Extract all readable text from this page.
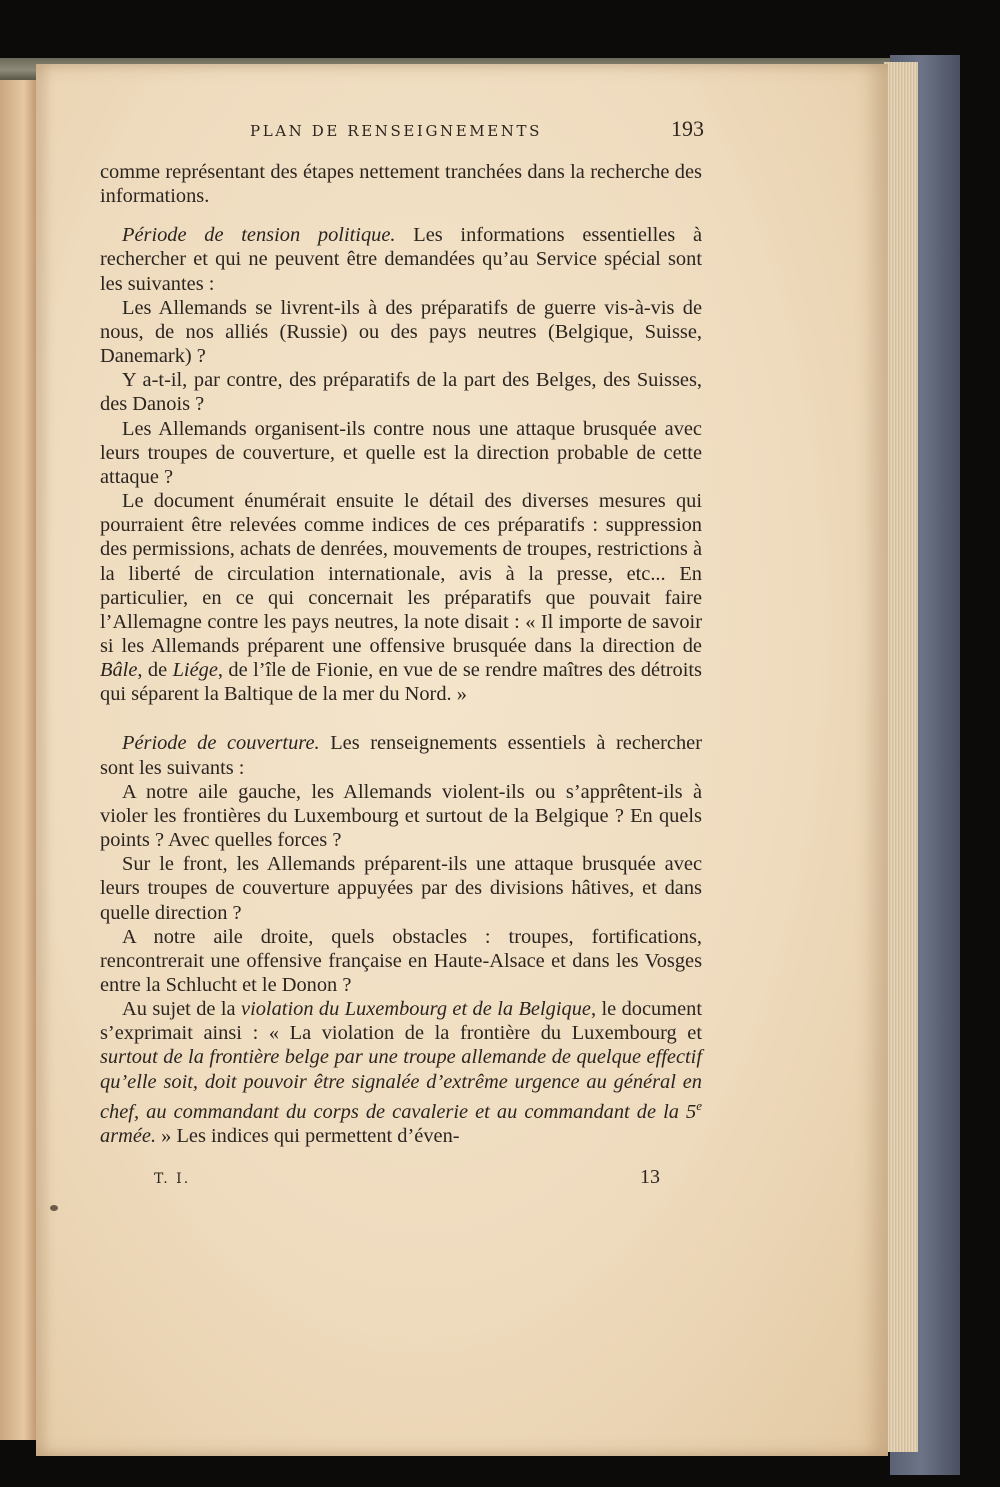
PLAN DE RENSEIGNEMENTS	193

comme représentant des étapes nettement tranchées dans la recherche des informations.

Période de tension politique. Les informations essentielles à rechercher et qui ne peuvent être demandées qu’au Service spécial sont les suivantes :

Les Allemands se livrent-ils à des préparatifs de guerre vis-à-vis de nous, de nos alliés (Russie) ou des pays neutres (Belgique, Suisse, Danemark) ?

Y a-t-il, par contre, des préparatifs de la part des Belges, des Suisses, des Danois ?

Les Allemands organisent-ils contre nous une attaque brusquée avec leurs troupes de couverture, et quelle est la direction probable de cette attaque ?

Le document énumérait ensuite le détail des diverses mesures qui pourraient être relevées comme indices de ces préparatifs : suppression des permissions, achats de denrées, mouvements de troupes, restrictions à la liberté de circulation internationale, avis à la presse, etc... En particulier, en ce qui concernait les préparatifs que pouvait faire l’Allemagne contre les pays neutres, la note disait : « Il importe de savoir si les Allemands préparent une offensive brusquée dans la direction de Bâle, de Liége, de l’île de Fionie, en vue de se rendre maîtres des détroits qui séparent la Baltique de la mer du Nord. »

Période de couverture. Les renseignements essentiels à rechercher sont les suivants :

A notre aile gauche, les Allemands violent-ils ou s’apprêtent-ils à violer les frontières du Luxembourg et surtout de la Belgique ? En quels points ? Avec quelles forces ?

Sur le front, les Allemands préparent-ils une attaque brusquée avec leurs troupes de couverture appuyées par des divisions hâtives, et dans quelle direction ?

A notre aile droite, quels obstacles : troupes, fortifications, rencontrerait une offensive française en Haute-Alsace et dans les Vosges entre la Schlucht et le Donon ?

Au sujet de la violation du Luxembourg et de la Belgique, le document s’exprimait ainsi : « La violation de la frontière du Luxembourg et surtout de la frontière belge par une troupe allemande de quelque effectif qu’elle soit, doit pouvoir être signalée d’extrême urgence au général en chef, au commandant du corps de cavalerie et au commandant de la 5e armée. » Les indices qui permettent d’éven-

T. I.	13
